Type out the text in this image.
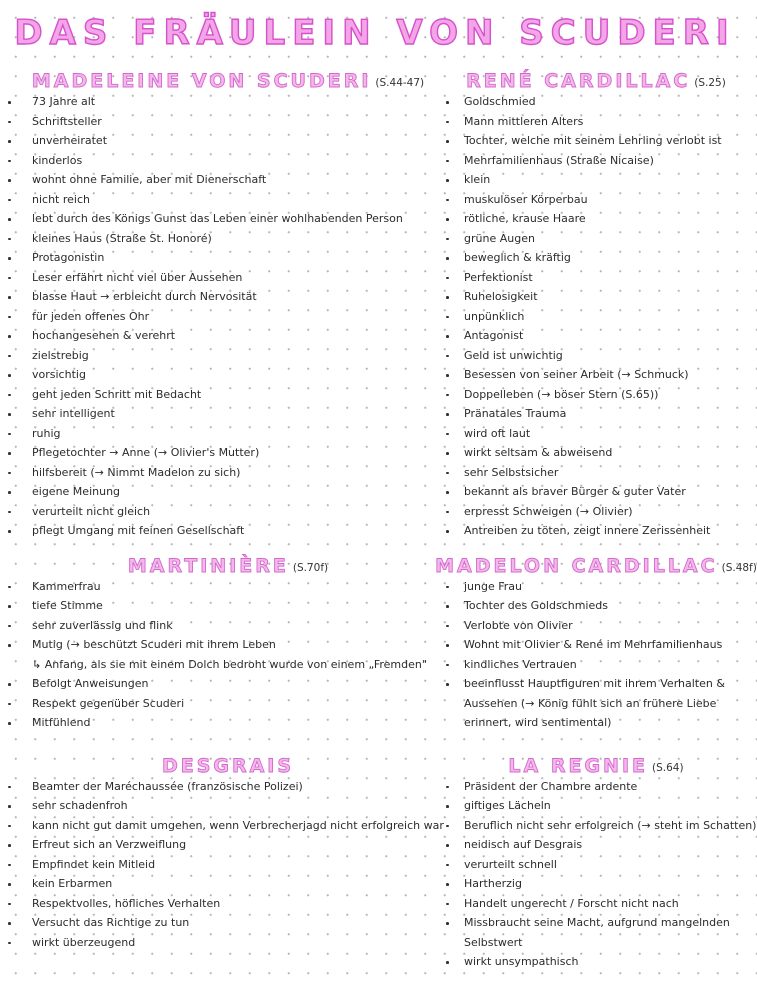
DAS FRÄULEIN VON SCUDERI
MADELEINE VON SCUDERI (S.44-47)
73 Jahre alt
Schriftsteller
unverheiratet
kinderlos
wohnt ohne Familie, aber mit Dienerschaft
nicht reich
lebt durch des Königs Gunst das Leben einer wohlhabenden Person
kleines Haus (Straße St. Honoré)
Protagonistin
Leser erfährt nicht viel über Aussehen
blasse Haut → erbleicht durch Nervosität
für jeden offenes Ohr
hochangesehen & verehrt
zielstrebig
vorsichtig
geht jeden Schritt mit Bedacht
sehr intelligent
ruhig
Pflegetochter → Anne (→ Olivier's Mutter)
hilfsbereit (→ Nimmt Madelon zu sich)
eigene Meinung
verurteilt nicht gleich
pflegt Umgang mit feinen Gesellschaft
MARTINIÈRE (S.70f)
Kammerfrau
tiefe Stimme
sehr zuverlässig und flink
Mutig (→ beschützt Scuderi mit ihrem Leben
↳ Anfang, als sie mit einem Dolch bedroht wurde von einem „Fremden"
Befolgt Anweisungen
Respekt gegenüber Scuderi
Mitfühlend
DESGRAIS
Beamter der Maréchaussée (französische Polizei)
sehr schadenfroh
kann nicht gut damit umgehen, wenn Verbrecherjagd nicht erfolgreich war
Erfreut sich an Verzweiflung
Empfindet kein Mitleid
kein Erbarmen
Respektvolles, höfliches Verhalten
Versucht das Richtige zu tun
wirkt überzeugend
RENÉ CARDILLAC (S.25)
Goldschmied
Mann mittleren Alters
Tochter, welche mit seinem Lehrling verlobt ist
Mehrfamilienhaus (Straße Nicaise)
klein
muskulöser Körperbau
rötliche, krause Haare
grüne Augen
beweglich & kräftig
Perfektionist
Ruhelosigkeit
unpünklich
Antagonist
Geld ist unwichtig
Besessen von seiner Arbeit (→ Schmuck)
Doppelleben (→ böser Stern (S.65))
Pränatales Trauma
wird oft laut
wirkt seltsam & abweisend
sehr Selbstsicher
bekannt als braver Bürger & guter Vater
erpresst Schweigen (→ Olivier)
Antreiben zu töten, zeigt innere Zerissenheit
MADELON CARDILLAC (S.48f)
junge Frau
Tochter des Goldschmieds
Verlobte von Olivier
Wohnt mit Olivier & René im Mehrfamilienhaus
kindliches Vertrauen
beeinflusst Hauptfiguren mit ihrem Verhalten &
Aussehen (→ König fühlt sich an frühere Liebe
erinnert, wird sentimental)
LA REGNIE (S.64)
Präsident der Chambre ardente
giftiges Lächeln
Beruflich nicht sehr erfolgreich (→ steht im Schatten)
neidisch auf Desgrais
verurteilt schnell
Hartherzig
Handelt ungerecht / Forscht nicht nach
Missbraucht seine Macht, aufgrund mangelnden
Selbstwert
wirkt unsympathisch
